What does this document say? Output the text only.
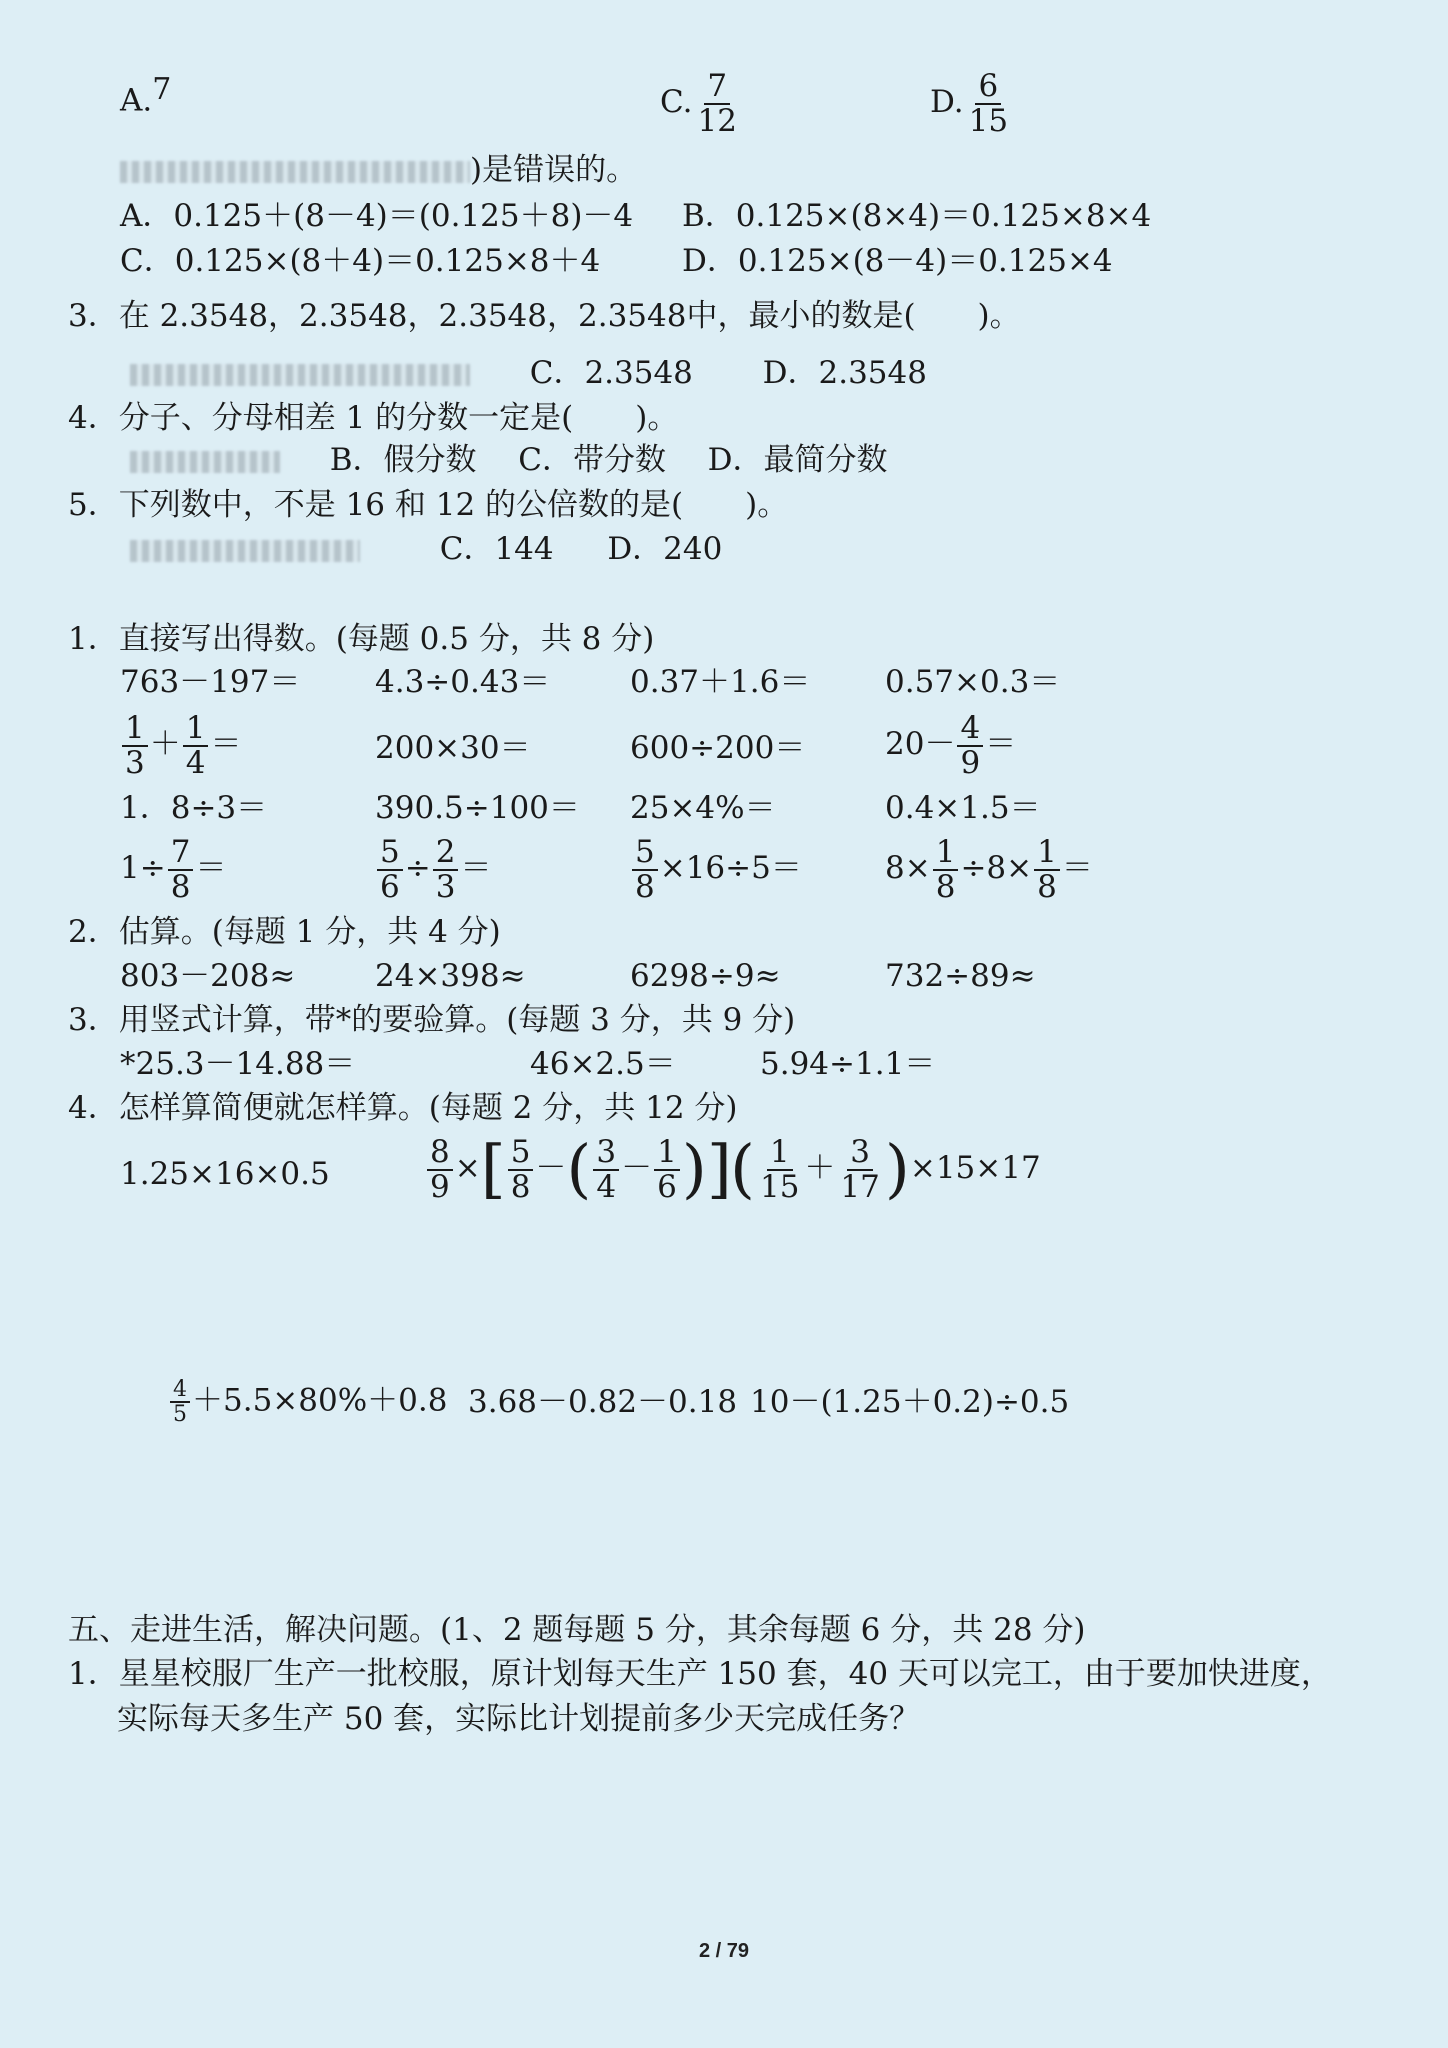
A.$^7$	C. $\frac{7}{12}$	D. $\frac{6}{15}$
)是错误的。
A．0.125＋(8－4)＝(0.125＋8)－4 B．0.125×(8×4)＝0.125×8×4
C．0.125×(8＋4)＝0.125×8＋4	D．0.125×(8－4)＝0.125×4
3．在 2.3548，2.3548，2.3548，2.3548中，最小的数是(　　)。
C．2.3548 D．2.3548
4．分子、分母相差 1 的分数一定是(　　)。
B．假分数 C．带分数 D．最简分数
5．下列数中，不是 16 和 12 的公倍数的是(　　)。
C．144 D．240
1．直接写出得数。(每题 0.5 分，共 8 分)
763－197＝ 4.3÷0.43＝	0.37＋1.6＝ 0.57×0.3＝
$\frac{1}{3} + \frac{1}{4}$ ＝	200×30＝	600÷200＝	$20- \frac{4}{9}$ ＝
1．8÷3＝	390.5÷100＝ 25×4%＝	0.4×1.5＝
$1\div \frac{7}{8}$ ＝	$\frac{5}{6} \div \frac{2}{3}$ ＝	$\frac{5}{8} \times 16\div 5=$	$8\times \frac{1}{8} \div 8\times \frac{1}{8}$ ＝
2．估算。(每题 1 分，共 4 分)
803－208≈	24×398≈	6298÷9≈	732÷89≈
3．用竖式计算，带*的要验算。(每题 3 分，共 9 分)
*25.3－14.88＝	46×2.5＝	5.94÷1.1＝
4．怎样算简便就怎样算。(每题 2 分，共 12 分)
1.25×16×0.5	$\frac{8}{9}$ ×[ $\frac{5}{8}$ －( $\frac{3}{4} - \frac{1}{6}$ )]
( $\frac{1}{15} + \frac{3}{17} )\times 15\times 17$
$\frac{4}{5} +5.5\times 80\%+0.8$ 3.68－0.82－0.18 10－(1.25＋0.2)÷0.5
五、走进生活，解决问题。(1、2 题每题 5 分，其余每题 6 分，共 28 分)
1．星星校服厂生产一批校服，原计划每天生产 150 套，40 天可以完工，由于要加快进度，
实际每天多生产 50 套，实际比计划提前多少天完成任务？
2 / 79
